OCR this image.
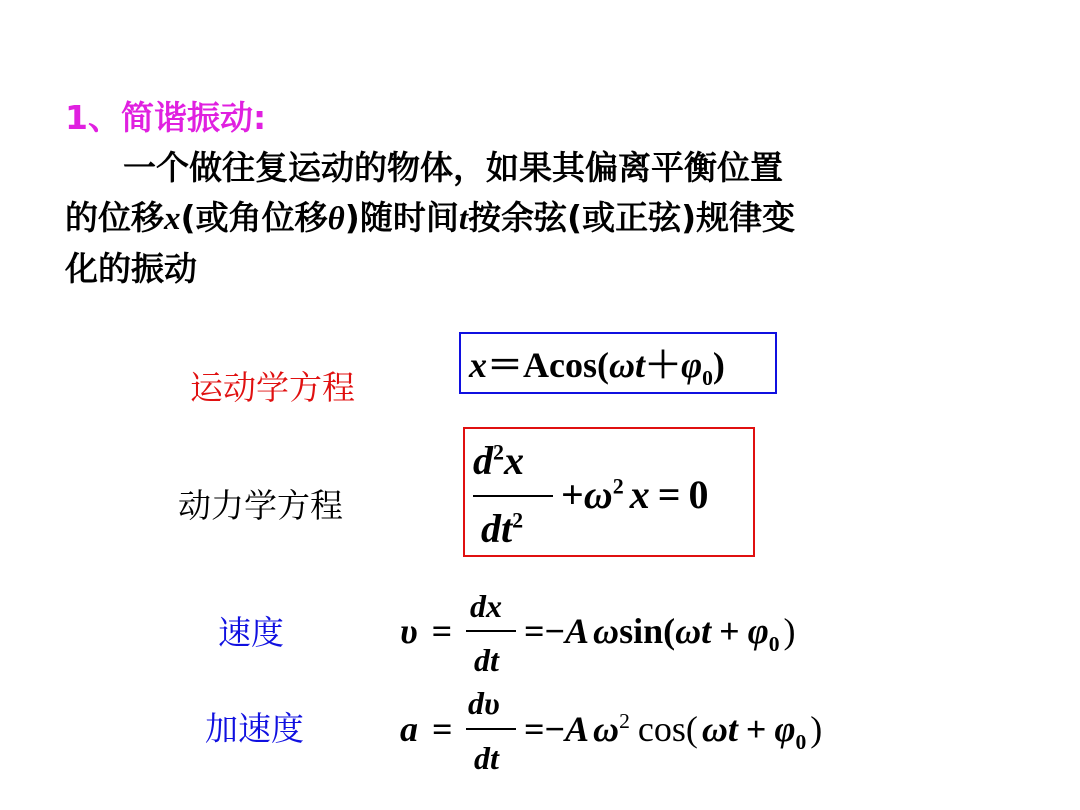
1、简谐振动:
一个做往复运动的物体，如果其偏离平衡位置
的位移x(或角位移θ)随时间t按余弦(或正弦)规律变
化的振动
运动学方程
$x=Acos(\omega t+\varphi_0)$
动力学方程
$d^2x$
$dt^2$
$+\omega^2$ x = 0
速度	υ =
dx
dt
=−A $\omega\sin(\omega t + \varphi_0$ )
加速度	a =
dυ
dt
=−A $\omega^2$ cos( $\omega t + \varphi_0$ )
